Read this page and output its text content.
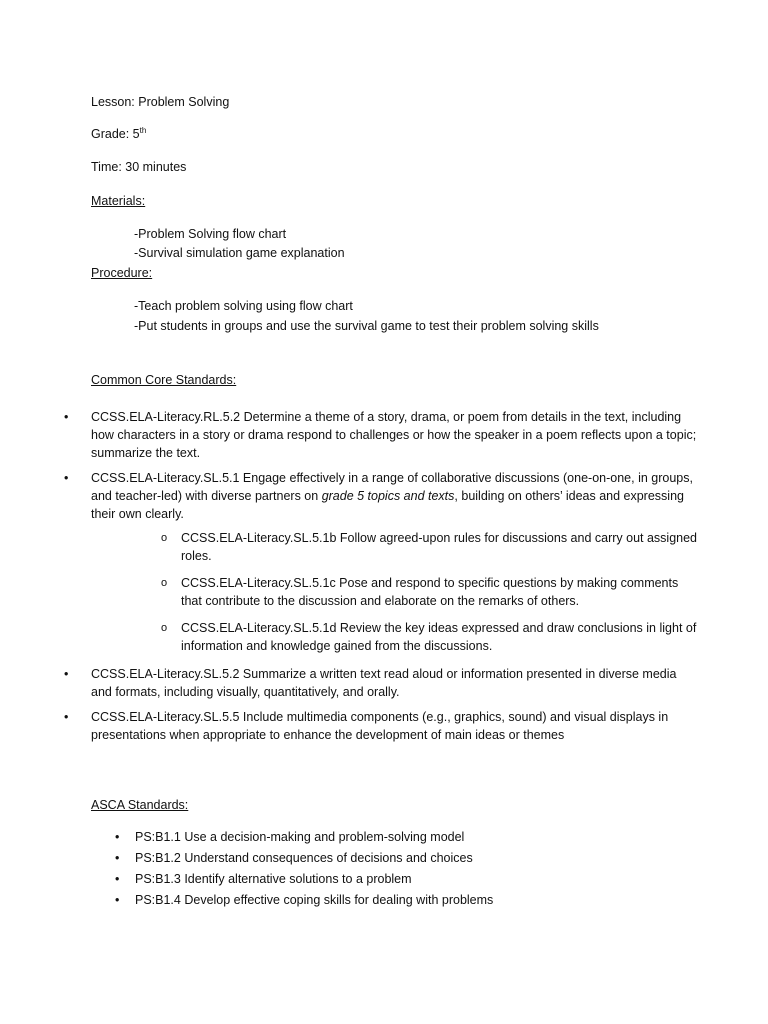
Lesson: Problem Solving
Grade: 5th
Time: 30 minutes
Materials:
-Problem Solving flow chart
-Survival simulation game explanation
Procedure:
-Teach problem solving using flow chart
-Put students in groups and use the survival game to test their problem solving skills
Common Core Standards:
• CCSS.ELA-Literacy.RL.5.2 Determine a theme of a story, drama, or poem from details in the text, including how characters in a story or drama respond to challenges or how the speaker in a poem reflects upon a topic; summarize the text.
• CCSS.ELA-Literacy.SL.5.1 Engage effectively in a range of collaborative discussions (one-on-one, in groups, and teacher-led) with diverse partners on grade 5 topics and texts, building on others’ ideas and expressing their own clearly.
o CCSS.ELA-Literacy.SL.5.1b Follow agreed-upon rules for discussions and carry out assigned roles.
o CCSS.ELA-Literacy.SL.5.1c Pose and respond to specific questions by making comments that contribute to the discussion and elaborate on the remarks of others.
o CCSS.ELA-Literacy.SL.5.1d Review the key ideas expressed and draw conclusions in light of information and knowledge gained from the discussions.
• CCSS.ELA-Literacy.SL.5.2 Summarize a written text read aloud or information presented in diverse media and formats, including visually, quantitatively, and orally.
• CCSS.ELA-Literacy.SL.5.5 Include multimedia components (e.g., graphics, sound) and visual displays in presentations when appropriate to enhance the development of main ideas or themes
ASCA Standards:
• PS:B1.1 Use a decision-making and problem-solving model
• PS:B1.2 Understand consequences of decisions and choices
• PS:B1.3 Identify alternative solutions to a problem
• PS:B1.4 Develop effective coping skills for dealing with problems
